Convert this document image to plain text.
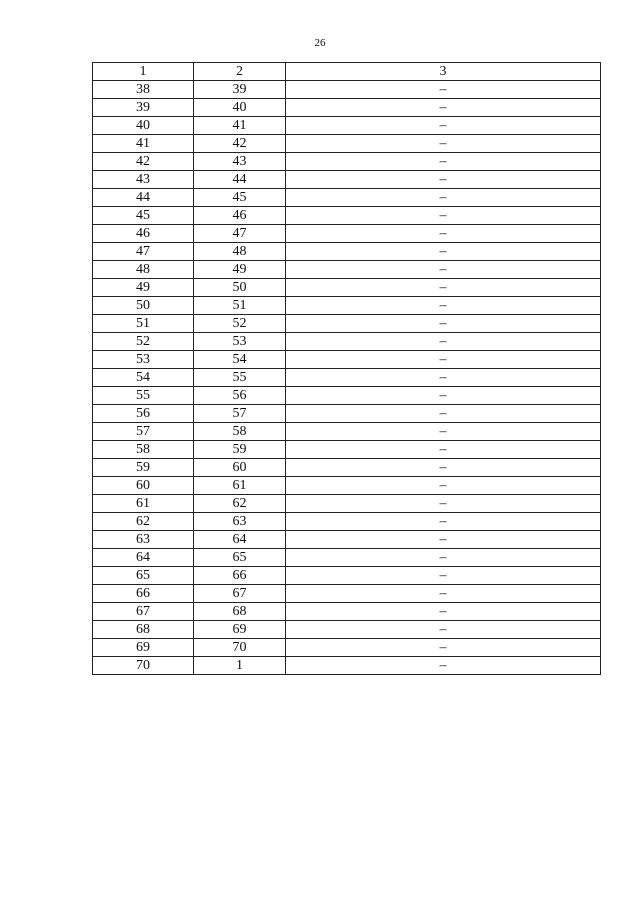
26
1	2	3
38	39	–
39	40	–
40	41	–
41	42	–
42	43	–
43	44	–
44	45	–
45	46	–
46	47	–
47	48	–
48	49	–
49	50	–
50	51	–
51	52	–
52	53	–
53	54	–
54	55	–
55	56	–
56	57	–
57	58	–
58	59	–
59	60	–
60	61	–
61	62	–
62	63	–
63	64	–
64	65	–
65	66	–
66	67	–
67	68	–
68	69	–
69	70	–
70	1	–
